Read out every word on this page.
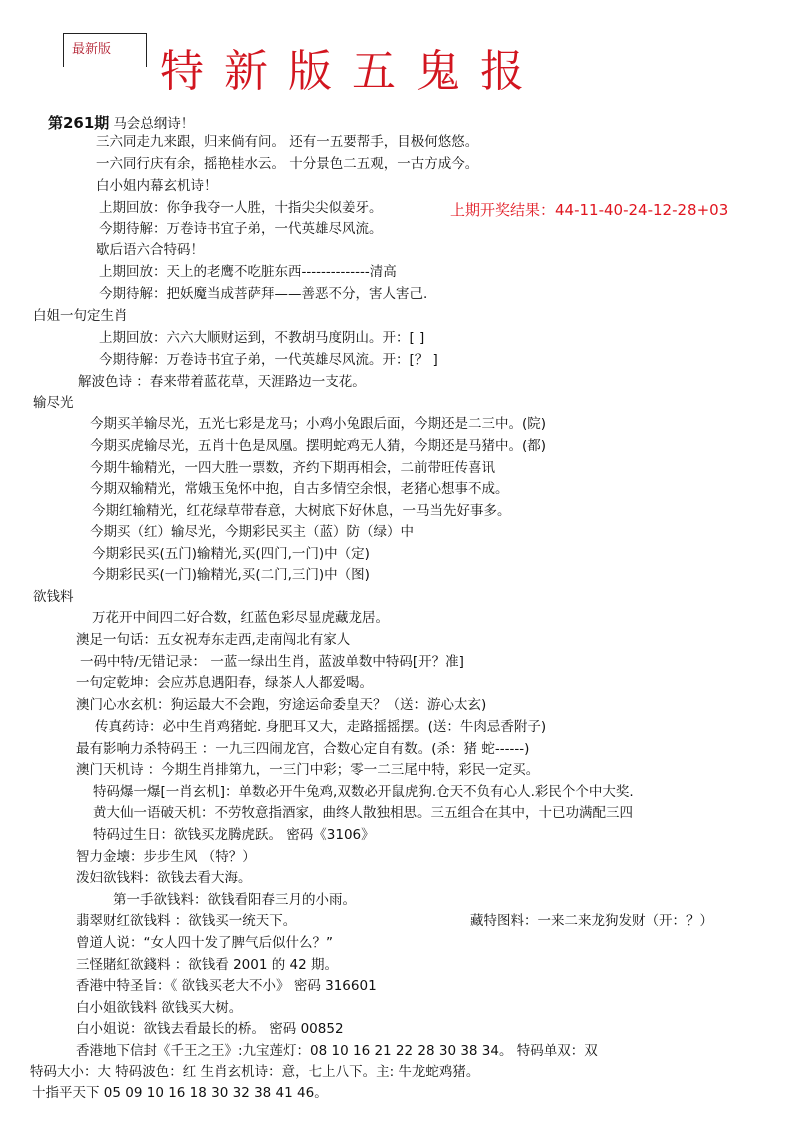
最新版 特新版五鬼报
第261期 马会总纲诗！
上期开奖结果：44-11-40-24-12-28+03
三六同走九来跟，归来倘有问。 还有一五要帮手，目极何悠悠。
一六同行庆有余，摇艳桂水云。 十分景色二五观，一古方成今。
白小姐内幕玄机诗！
上期回放：你争我夺一人胜，十指尖尖似姜牙。
今期待解：万卷诗书宜子弟，一代英雄尽风流。
歇后语六合特码！
上期回放：天上的老鹰不吃脏东西--------------清高
今期待解：把妖魔当成菩萨拜——善恶不分，害人害己.
白姐一句定生肖
上期回放：六六大顺财运到，不教胡马度阴山。开：[ ]
今期待解：万卷诗书宜子弟，一代英雄尽风流。开：[？ ]
解波色诗 ：春来带着蓝花草，天涯路边一支花。
输尽光
今期买羊输尽光，五光七彩是龙马；小鸡小兔跟后面，今期还是二三中。(院)
今期买虎输尽光，五肖十色是凤凰。摆明蛇鸡无人猜，今期还是马猪中。(都)
今期牛输精光，一四大胜一票数，齐约下期再相会，二前带旺传喜讯
今期双输精光，常娥玉兔怀中抱，自古多情空余恨，老猪心想事不成。
今期红输精光，红花绿草带春意，大树底下好休息，一马当先好事多。
今期买（红）输尽光，今期彩民买主（蓝）防（绿）中
今期彩民买(五门)输精光,买(四门,一门)中（定)
今期彩民买(一门)输精光,买(二门,三门)中（图)
欲钱料
万花开中间四二好合数，红蓝色彩尽显虎藏龙居。
澳足一句话：五女祝寿东走西,走南闯北有家人
一码中特/无错记录： 一蓝一绿出生肖，蓝波单数中特码[开？准]
一句定乾坤：会应苏息遇阳春，绿茶人人都爱喝。
澳门心水玄机：狗运最大不会跑，穷途运命委皇天？（送：游心太玄)
传真药诗：必中生肖鸡猪蛇. 身肥耳又大，走路摇摇摆。(送：牛肉忌香附子)
最有影响力杀特码王 ：一九三四闹龙宫，合数心定自有数。(杀：猪 蛇------)
澳门天机诗 ：今期生肖排第九，一三门中彩；零一二三尾中特，彩民一定买。
特码爆一爆[一肖玄机]：单数必开牛兔鸡,双数必开鼠虎狗.仓天不负有心人.彩民个个中大奖.
黄大仙一语破天机：不劳牧意指酒家，曲终人散独相思。三五组合在其中，十已功满配三四
特码过生日：欲钱买龙腾虎跃。 密码《3106》
智力金壊：步步生风 （特？）
泼妇欲钱料：欲钱去看大海。
第一手欲钱料：欲钱看阳春三月的小雨。
翡翠财红欲钱料 ：欲钱买一统天下。	藏特图料：一来二来龙狗发财（开：？）
曾道人说：“女人四十发了脾气后似什么？”
三怪賭紅欲錢料 ：欲钱看 2001 的 42 期。
香港中特圣旨：《 欲钱买老大不小》 密码 316601
白小姐欲钱料 欲钱买大树。
白小姐说：欲钱去看最长的桥。 密码 00852
香港地下信封《千王之王》:九宝莲灯：08 10 16 21 22 28 30 38 34。 特码单双：双
特码大小：大 特码波色：红 生肖玄机诗：意，七上八下。主: 牛龙蛇鸡猪。
十指平天下 05 09 10 16 18 30 32 38 41 46。
